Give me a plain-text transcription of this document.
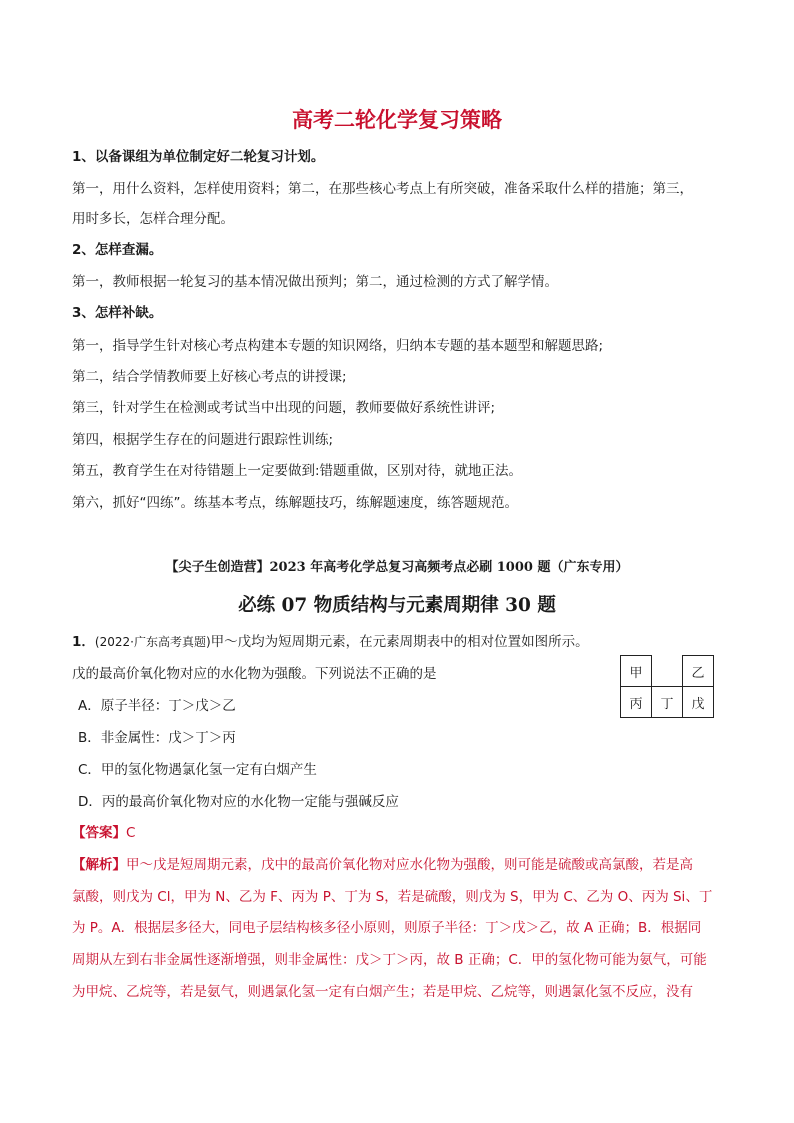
高考二轮化学复习策略
1、以备课组为单位制定好二轮复习计划。
第一，用什么资料，怎样使用资料；第二，在那些核心考点上有所突破，准备采取什么样的措施；第三，
用时多长，怎样合理分配。
2、怎样查漏。
第一，教师根据一轮复习的基本情况做出预判；第二，通过检测的方式了解学情。
3、怎样补缺。
第一，指导学生针对核心考点构建本专题的知识网络，归纳本专题的基本题型和解题思路;
第二，结合学情教师要上好核心考点的讲授课;
第三，针对学生在检测或考试当中出现的问题，教师要做好系统性讲评;
第四，根据学生存在的问题进行跟踪性训练;
第五，教育学生在对待错题上一定要做到:错题重做，区别对待，就地正法。
第六，抓好“四练”。练基本考点，练解题技巧，练解题速度，练答题规范。
【尖子生创造营】2023 年高考化学总复习高频考点必刷 1000 题（广东专用）
必练 07 物质结构与元素周期律 30 题
1．(2022·广东高考真题)甲～戊均为短周期元素，在元素周期表中的相对位置如图所示。
戊的最高价氧化物对应的水化物为强酸。下列说法不正确的是
A．原子半径：丁＞戊＞乙
B．非金属性：戊＞丁＞丙
C．甲的氢化物遇氯化氢一定有白烟产生
D．丙的最高价氧化物对应的水化物一定能与强碱反应
甲		乙
丙	丁	戊
【答案】C
【解析】甲～戊是短周期元素，戊中的最高价氧化物对应水化物为强酸，则可能是硫酸或高氯酸，若是高
氯酸，则戊为 Cl，甲为 N、乙为 F、丙为 P、丁为 S，若是硫酸，则戊为 S，甲为 C、乙为 O、丙为 Si、丁
为 P。A．根据层多径大，同电子层结构核多径小原则，则原子半径：丁＞戊＞乙，故 A 正确；B．根据同
周期从左到右非金属性逐渐增强，则非金属性：戊＞丁＞丙，故 B 正确；C．甲的氢化物可能为氨气，可能
为甲烷、乙烷等，若是氨气，则遇氯化氢一定有白烟产生；若是甲烷、乙烷等，则遇氯化氢不反应，没有
